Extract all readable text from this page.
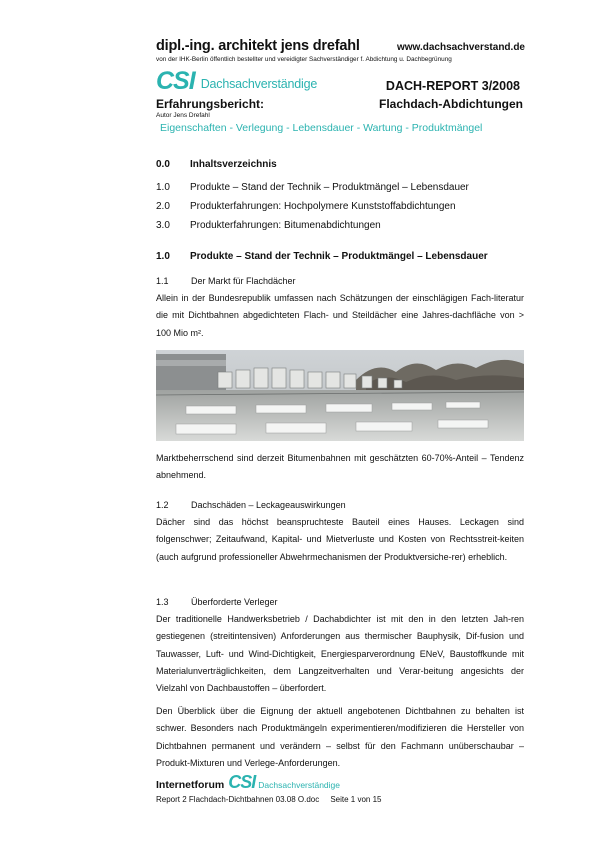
dipl.-ing. architekt jens drefahl	www.dachsachverstand.de
von der IHK-Berlin öffentlich bestellter und vereidigter Sachverständiger f. Abdichtung u. Dachbegrünung
CSI Dachsachverständige	DACH-REPORT 3/2008
Erfahrungsbericht:	Flachdach-Abdichtungen
Autor Jens Drefahl
Eigenschaften - Verlegung - Lebensdauer - Wartung - Produktmängel
0.0 Inhaltsverzeichnis
1.0 Produkte – Stand der Technik – Produktmängel – Lebensdauer
2.0 Produkterfahrungen: Hochpolymere Kunststoffabdichtungen
3.0 Produkterfahrungen: Bitumenabdichtungen
1.0 Produkte – Stand der Technik – Produktmängel – Lebensdauer
1.1 Der Markt für Flachdächer
Allein in der Bundesrepublik umfassen nach Schätzungen der einschlägigen Fach-literatur die mit Dichtbahnen abgedichteten Flach- und Steildächer eine Jahres-dachfläche von > 100 Mio m².
Marktbeherrschend sind derzeit Bitumenbahnen mit geschätzten 60-70%-Anteil – Tendenz abnehmend.
1.2 Dachschäden – Leckageauswirkungen
Dächer sind das höchst beanspruchteste Bauteil eines Hauses. Leckagen sind folgenschwer; Zeitaufwand, Kapital- und Mietverluste und Kosten von Rechtsstreit-keiten (auch aufgrund professioneller Abwehrmechanismen der Produktversiche-rer) erheblich.
1.3 Überforderte Verleger
Der traditionelle Handwerksbetrieb / Dachabdichter ist mit den in den letzten Jah-ren gestiegenen (streitintensiven) Anforderungen aus thermischer Bauphysik, Dif-fusion und Tauwasser, Luft- und Wind-Dichtigkeit, Energiesparverordnung ENeV, Baustoffkunde mit Materialunverträglichkeiten, dem Langzeitverhalten und Verar-beitung angesichts der Vielzahl von Dachbaustoffen – überfordert.
Den Überblick über die Eignung der aktuell angebotenen Dichtbahnen zu behalten ist schwer. Besonders nach Produktmängeln experimentieren/modifizieren die Hersteller von Dichtbahnen permanent und verändern – selbst für den Fachmann unüberschaubar – Produkt-Mixturen und Verlege-Anforderungen.
Internetforum CSI Dachsachverständige
Report 2 Flachdach-Dichtbahnen 03.08 O.doc Seite 1 von 15
